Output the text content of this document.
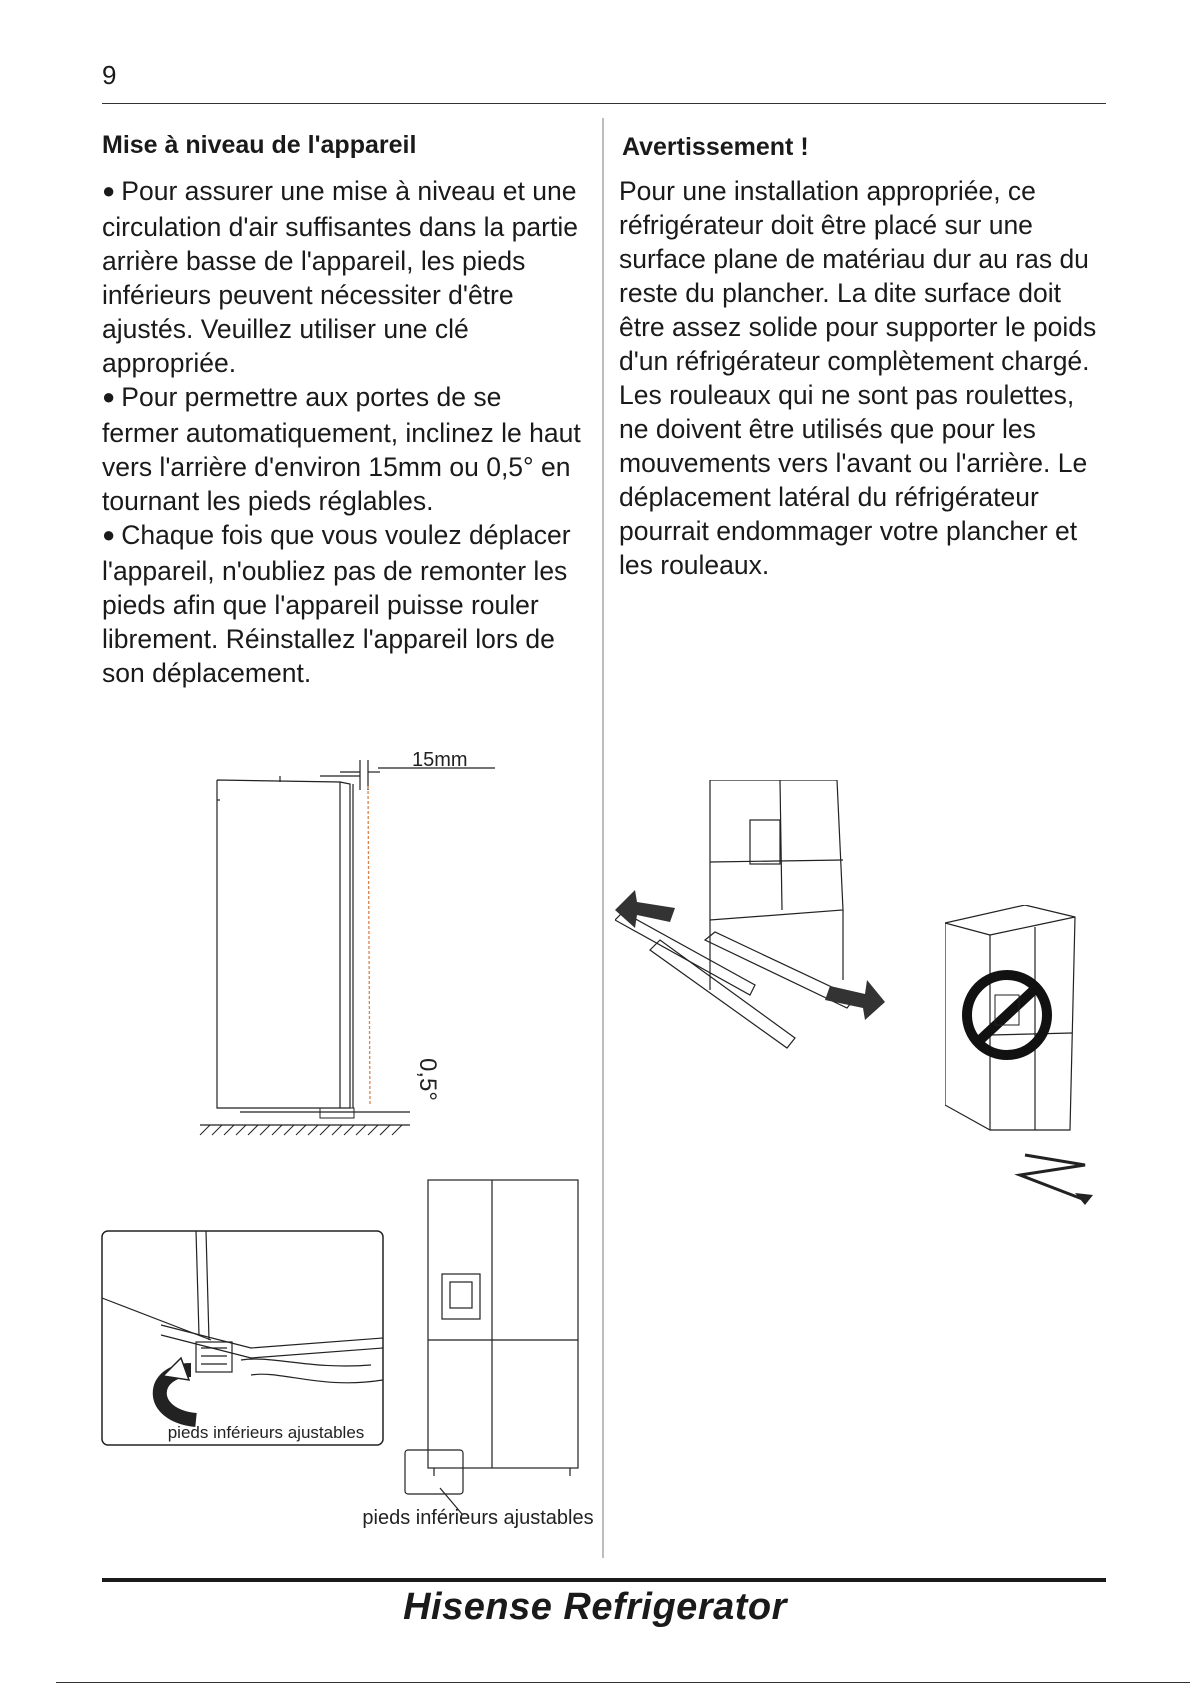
9
Mise à niveau de l'appareil

● Pour assurer une mise à niveau et une circulation d'air suffisantes dans la partie arrière basse de l'appareil, les pieds inférieurs peuvent nécessiter d'être ajustés. Veuillez utiliser une clé appropriée.

● Pour permettre aux portes de se fermer automatiquement, inclinez le haut vers l'arrière d'environ 15mm ou 0,5° en tournant les pieds réglables.

● Chaque fois que vous voulez déplacer l'appareil, n'oubliez pas de remonter les pieds afin que l'appareil puisse rouler librement. Réinstallez l'appareil lors de son déplacement.

Avertissement !

Pour une installation appropriée, ce réfrigérateur doit être placé sur une surface plane de matériau dur au ras du reste du plancher. La dite surface doit être assez solide pour supporter le poids d'un réfrigérateur complètement chargé.

Les rouleaux qui ne sont pas roulettes, ne doivent être utilisés que pour les mouvements vers l'avant ou l'arrière. Le déplacement latéral du réfrigérateur pourrait endommager votre plancher et les rouleaux.

15mm
0,5°
pieds inférieurs ajustables
pieds inférieurs ajustables
Hisense Refrigerator
